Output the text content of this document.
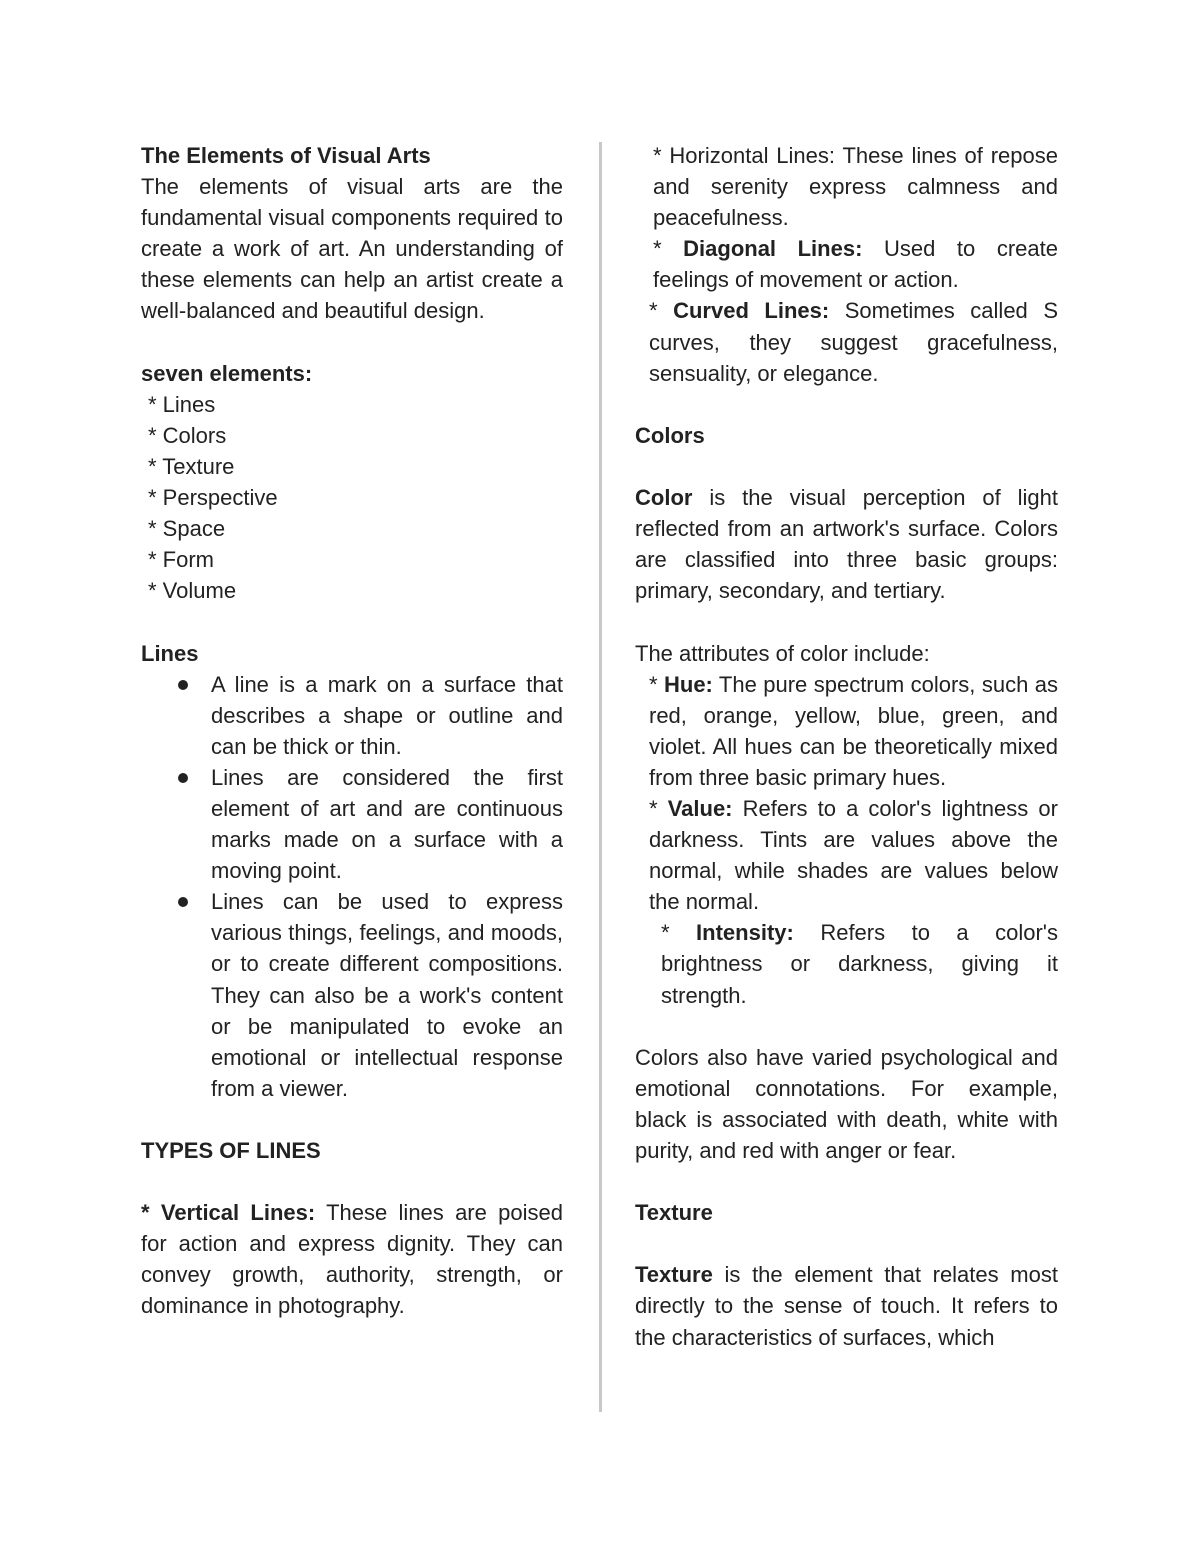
The Elements of Visual Arts

The elements of visual arts are the fundamental visual components required to create a work of art. An understanding of these elements can help an artist create a well-balanced and beautiful design.

seven elements:

* Lines
* Colors
* Texture
* Perspective
* Space
* Form
* Volume

Lines

A line is a mark on a surface that describes a shape or outline and can be thick or thin.
Lines are considered the first element of art and are continuous marks made on a surface with a moving point.
Lines can be used to express various things, feelings, and moods, or to create different compositions. They can also be a work's content or be manipulated to evoke an emotional or intellectual response from a viewer.

TYPES OF LINES

* Vertical Lines: These lines are poised for action and express dignity. They can convey growth, authority, strength, or dominance in photography.

* Horizontal Lines: These lines of repose and serenity express calmness and peacefulness.

* Diagonal Lines: Used to create feelings of movement or action.

* Curved Lines: Sometimes called S curves, they suggest gracefulness, sensuality, or elegance.

Colors

Color is the visual perception of light reflected from an artwork's surface. Colors are classified into three basic groups: primary, secondary, and tertiary.

The attributes of color include:

* Hue: The pure spectrum colors, such as red, orange, yellow, blue, green, and violet. All hues can be theoretically mixed from three basic primary hues.

* Value: Refers to a color's lightness or darkness. Tints are values above the normal, while shades are values below the normal.

* Intensity: Refers to a color's brightness or darkness, giving it strength.

Colors also have varied psychological and emotional connotations. For example, black is associated with death, white with purity, and red with anger or fear.

Texture

Texture is the element that relates most directly to the sense of touch. It refers to the characteristics of surfaces, which
